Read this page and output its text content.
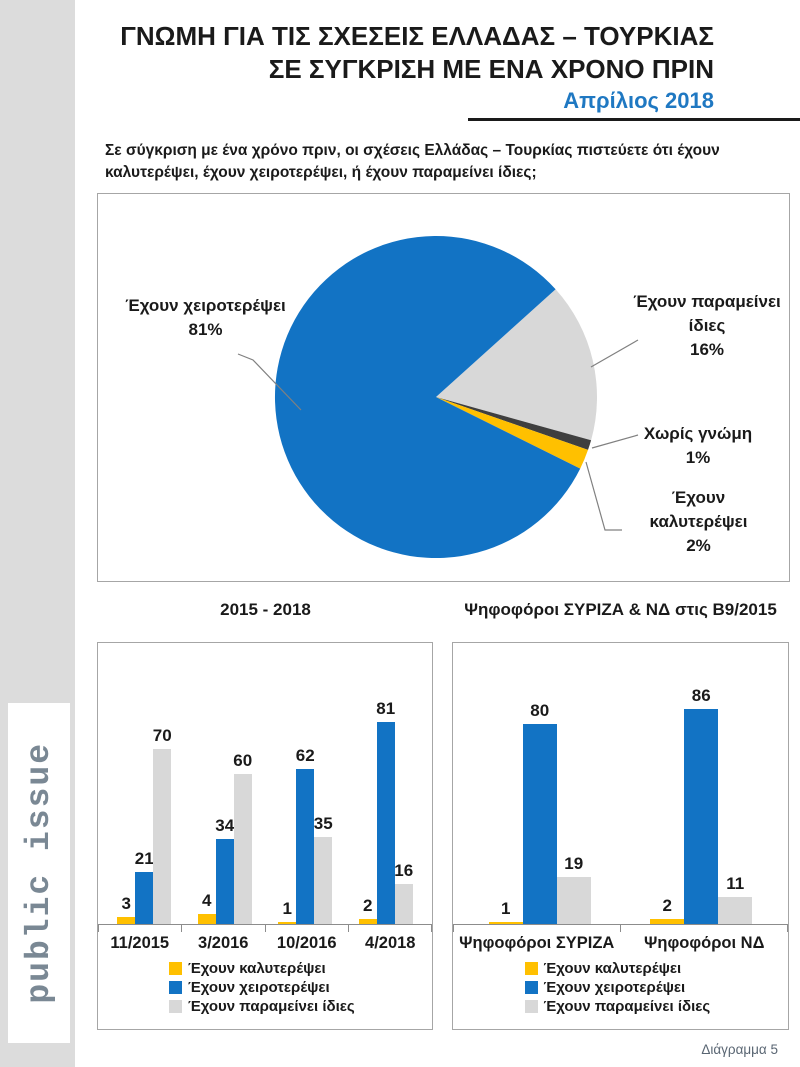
public issue
ΓΝΩΜΗ ΓΙΑ ΤΙΣ ΣΧΕΣΕΙΣ ΕΛΛΑΔΑΣ – ΤΟΥΡΚΙΑΣ
ΣΕ ΣΥΓΚΡΙΣΗ ΜΕ ΕΝΑ ΧΡΟΝΟ ΠΡΙΝ
Απρίλιος 2018
Σε σύγκριση με ένα χρόνο πριν, οι σχέσεις Ελλάδας – Τουρκίας πιστεύετε ότι έχουν καλυτερέψει, έχουν χειροτερέψει, ή έχουν παραμείνει ίδιες;
Έχουν χειροτερέψει
81%
Έχουν παραμείνει ίδιες
16%
Χωρίς γνώμη
1%
Έχουν καλυτερέψει
2%
2015 - 2018	Ψηφοφόροι ΣΥΡΙΖΑ & ΝΔ στις Β9/2015
3
21
70
4
34
60
1
62
35
2
81
16
11/2015	3/2016	10/2016	4/2018
Έχουν καλυτερέψει
Έχουν χειροτερέψει
Έχουν παραμείνει ίδιες
1
80
19
2
86
11
Ψηφοφόροι ΣΥΡΙΖΑ	Ψηφοφόροι ΝΔ
Έχουν καλυτερέψει
Έχουν χειροτερέψει
Έχουν παραμείνει ίδιες
Διάγραμμα 5
